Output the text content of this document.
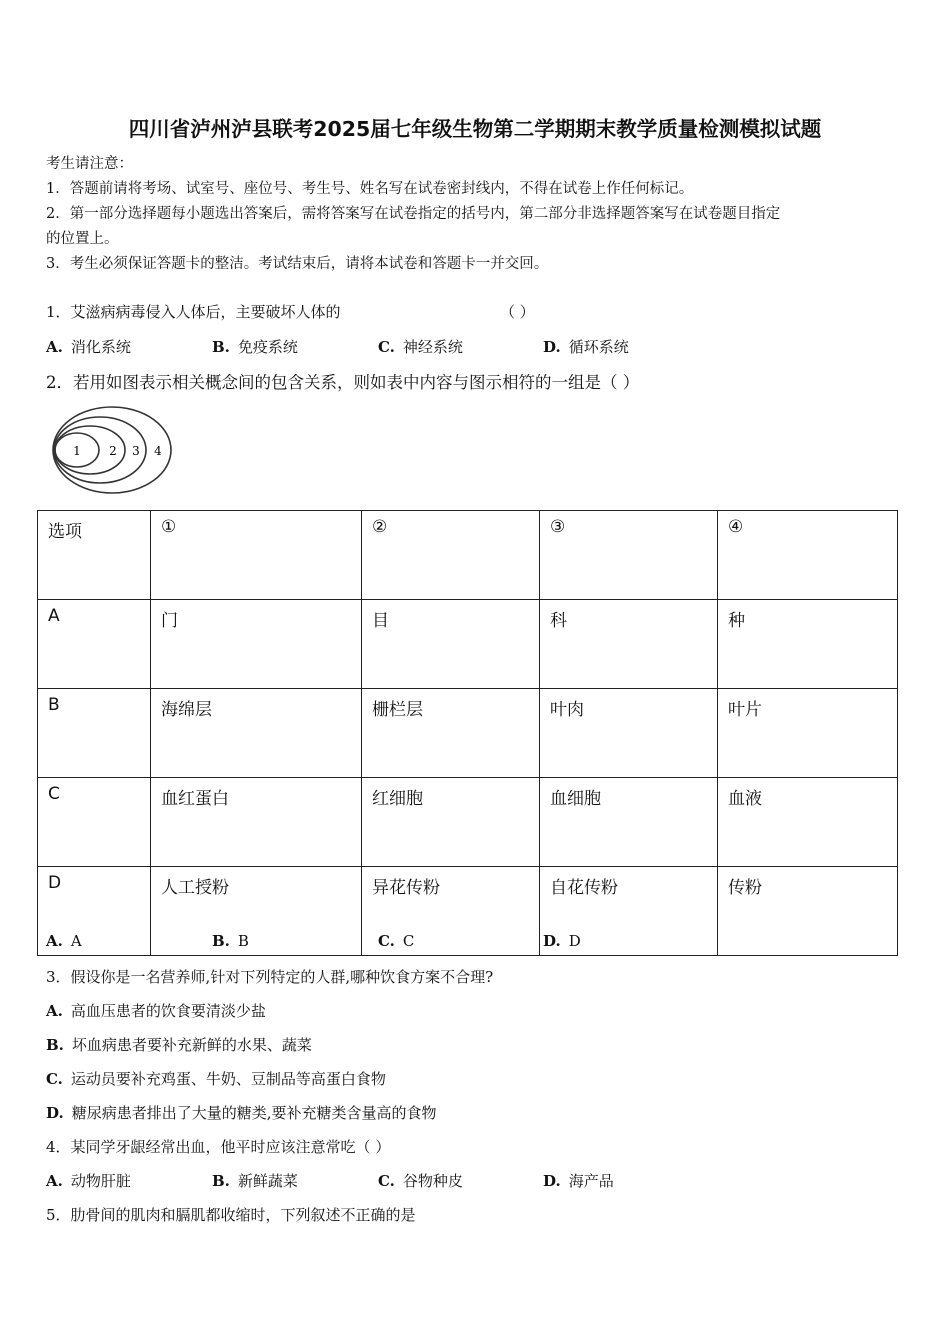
四川省泸州泸县联考2025届七年级生物第二学期期末教学质量检测模拟试题
考生请注意：
1．答题前请将考场、试室号、座位号、考生号、姓名写在试卷密封线内，不得在试卷上作任何标记。
2．第一部分选择题每小题选出答案后，需将答案写在试卷指定的括号内，第二部分非选择题答案写在试卷题目指定
的位置上。
3．考生必须保证答题卡的整洁。考试结束后，请将本试卷和答题卡一并交回。
1．艾滋病病毒侵入人体后，主要破坏人体的	（ ）
A. 消化系统	B. 免疫系统	C. 神经系统	D. 循环系统
2．若用如图表示相关概念间的包含关系，则如表中内容与图示相符的一组是（ ）
1 2 3 4
选项	①	②	③	④
A	门	目	科	种
B	海绵层	栅栏层	叶肉	叶片
C	血红蛋白	红细胞	血细胞	血液
D	人工授粉	异花传粉	自花传粉	传粉
A. A	B. B	C. C	D. D
3．假设你是一名营养师,针对下列特定的人群,哪种饮食方案不合理?
A. 高血压患者的饮食要清淡少盐
B. 坏血病患者要补充新鲜的水果、蔬菜
C. 运动员要补充鸡蛋、牛奶、豆制品等高蛋白食物
D. 糖尿病患者排出了大量的糖类,要补充糖类含量高的食物
4．某同学牙龈经常出血，他平时应该注意常吃（ ）
A. 动物肝脏	B. 新鲜蔬菜	C. 谷物种皮	D. 海产品
5．肋骨间的肌肉和膈肌都收缩时，下列叙述不正确的是
